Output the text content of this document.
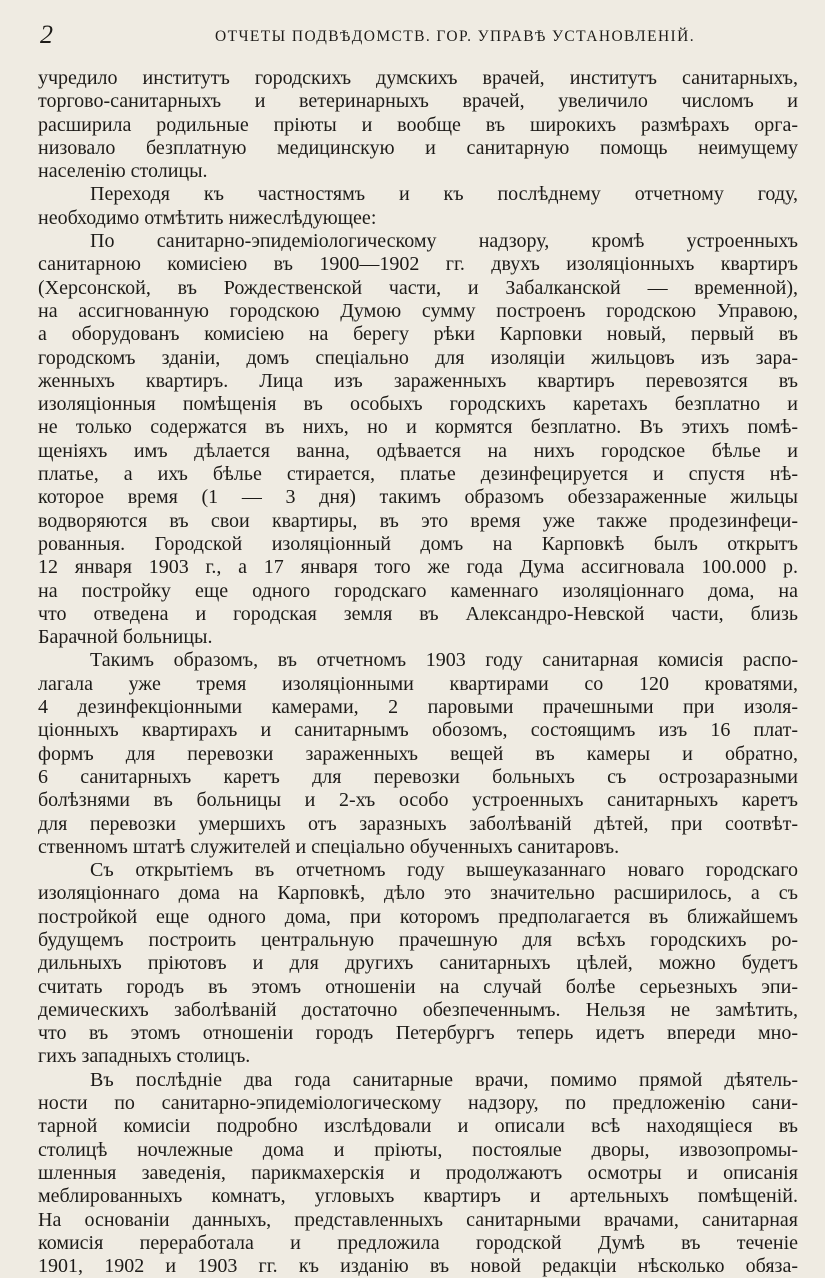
2	ОТЧЕТЫ ПОДВѢДОМСТВ. ГОР. УПРАВѢ УСТАНОВЛЕНІЙ.
учредило институтъ городскихъ думскихъ врачей, институтъ санитарныхъ,
торгово-санитарныхъ и ветеринарныхъ врачей, увеличило числомъ и
расширила родильные пріюты и вообще въ широкихъ размѣрахъ орга-
низовало безплатную медицинскую и санитарную помощь неимущему
населенію столицы.
Переходя къ частностямъ и къ послѣднему отчетному году,
необходимо отмѣтить нижеслѣдующее:
По санитарно-эпидеміологическому надзору, кромѣ устроенныхъ
санитарною комисіею въ 1900—1902 гг. двухъ изоляціонныхъ квартиръ
(Херсонской, въ Рождественской части, и Забалканской — временной),
на ассигнованную городскою Думою сумму построенъ городскою Управою,
а оборудованъ комисіею на берегу рѣки Карповки новый, первый въ
городскомъ зданіи, домъ спеціально для изоляціи жильцовъ изъ зара-
женныхъ квартиръ. Лица изъ зараженныхъ квартиръ перевозятся въ
изоляціонныя помѣщенія въ особыхъ городскихъ каретахъ безплатно и
не только содержатся въ нихъ, но и кормятся безплатно. Въ этихъ помѣ-
щеніяхъ имъ дѣлается ванна, одѣвается на нихъ городское бѣлье и
платье, а ихъ бѣлье стирается, платье дезинфецируется и спустя нѣ-
которое время (1 — 3 дня) такимъ образомъ обеззараженные жильцы
водворяются въ свои квартиры, въ это время уже также продезинфеци-
рованныя. Городской изоляціонный домъ на Карповкѣ былъ открытъ
12 января 1903 г., а 17 января того же года Дума ассигновала 100.000 р.
на постройку еще одного городскаго каменнаго изоляціоннаго дома, на
что отведена и городская земля въ Александро-Невской части, близь
Барачной больницы.
Такимъ образомъ, въ отчетномъ 1903 году санитарная комисія распо-
лагала уже тремя изоляціонными квартирами со 120 кроватями,
4 дезинфекціонными камерами, 2 паровыми прачешными при изоля-
ціонныхъ квартирахъ и санитарнымъ обозомъ, состоящимъ изъ 16 плат-
формъ для перевозки зараженныхъ вещей въ камеры и обратно,
6 санитарныхъ каретъ для перевозки больныхъ съ острозаразными
болѣзнями въ больницы и 2-хъ особо устроенныхъ санитарныхъ каретъ
для перевозки умершихъ отъ заразныхъ заболѣваній дѣтей, при соотвѣт-
ственномъ штатѣ служителей и спеціально обученныхъ санитаровъ.
Съ открытіемъ въ отчетномъ году вышеуказаннаго новаго городскаго
изоляціоннаго дома на Карповкѣ, дѣло это значительно расширилось, а съ
постройкой еще одного дома, при которомъ предполагается въ ближайшемъ
будущемъ построить центральную прачешную для всѣхъ городскихъ ро-
дильныхъ пріютовъ и для другихъ санитарныхъ цѣлей, можно будетъ
считать городъ въ этомъ отношеніи на случай болѣе серьезныхъ эпи-
демическихъ заболѣваній достаточно обезпеченнымъ. Нельзя не замѣтить,
что въ этомъ отношеніи городъ Петербургъ теперь идетъ впереди мно-
гихъ западныхъ столицъ.
Въ послѣдніе два года санитарные врачи, помимо прямой дѣятель-
ности по санитарно-эпидеміологическому надзору, по предложенію сани-
тарной комисіи подробно изслѣдовали и описали всѣ находящіеся въ
столицѣ ночлежные дома и пріюты, постоялые дворы, извозопромы-
шленныя заведенія, парикмахерскія и продолжаютъ осмотры и описанія
меблированныхъ комнатъ, угловыхъ квартиръ и артельныхъ помѣщеній.
На основаніи данныхъ, представленныхъ санитарными врачами, санитарная
комисія переработала и предложила городской Думѣ въ теченіе
1901, 1902 и 1903 гг. къ изданію въ новой редакціи нѣсколько обяза-
